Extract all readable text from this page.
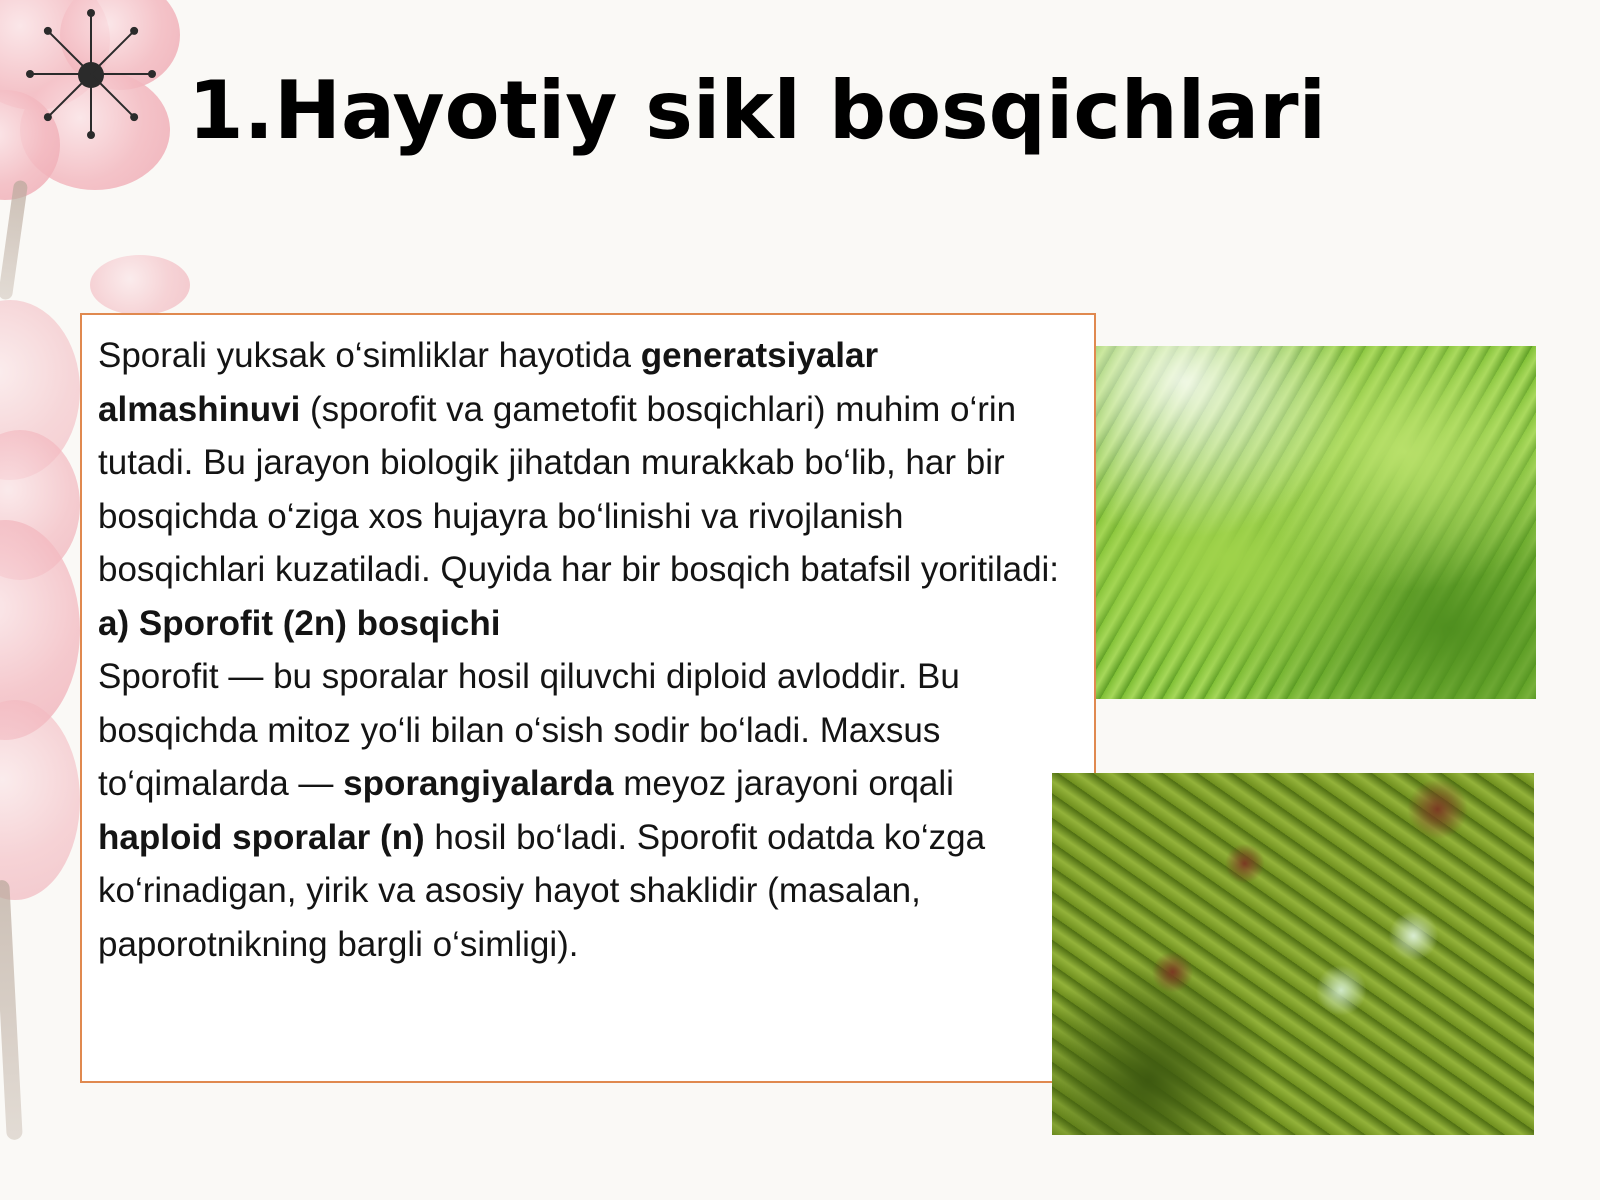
1.Hayotiy sikl bosqichlari

Sporali yuksak o‘simliklar hayotida generatsiyalar almashinuvi (sporofit va gametofit bosqichlari) muhim o‘rin tutadi. Bu jarayon biologik jihatdan murakkab bo‘lib, har bir bosqichda o‘ziga xos hujayra bo‘linishi va rivojlanish bosqichlari kuzatiladi. Quyida har bir bosqich batafsil yoritiladi:
a) Sporofit (2n) bosqichi
Sporofit — bu sporalar hosil qiluvchi diploid avloddir. Bu bosqichda mitoz yo‘li bilan o‘sish sodir bo‘ladi. Maxsus to‘qimalarda — sporangiyalarda meyoz jarayoni orqali haploid sporalar (n) hosil bo‘ladi. Sporofit odatda ko‘zga ko‘rinadigan, yirik va asosiy hayot shaklidir (masalan, paporotnikning bargli o‘simligi).
